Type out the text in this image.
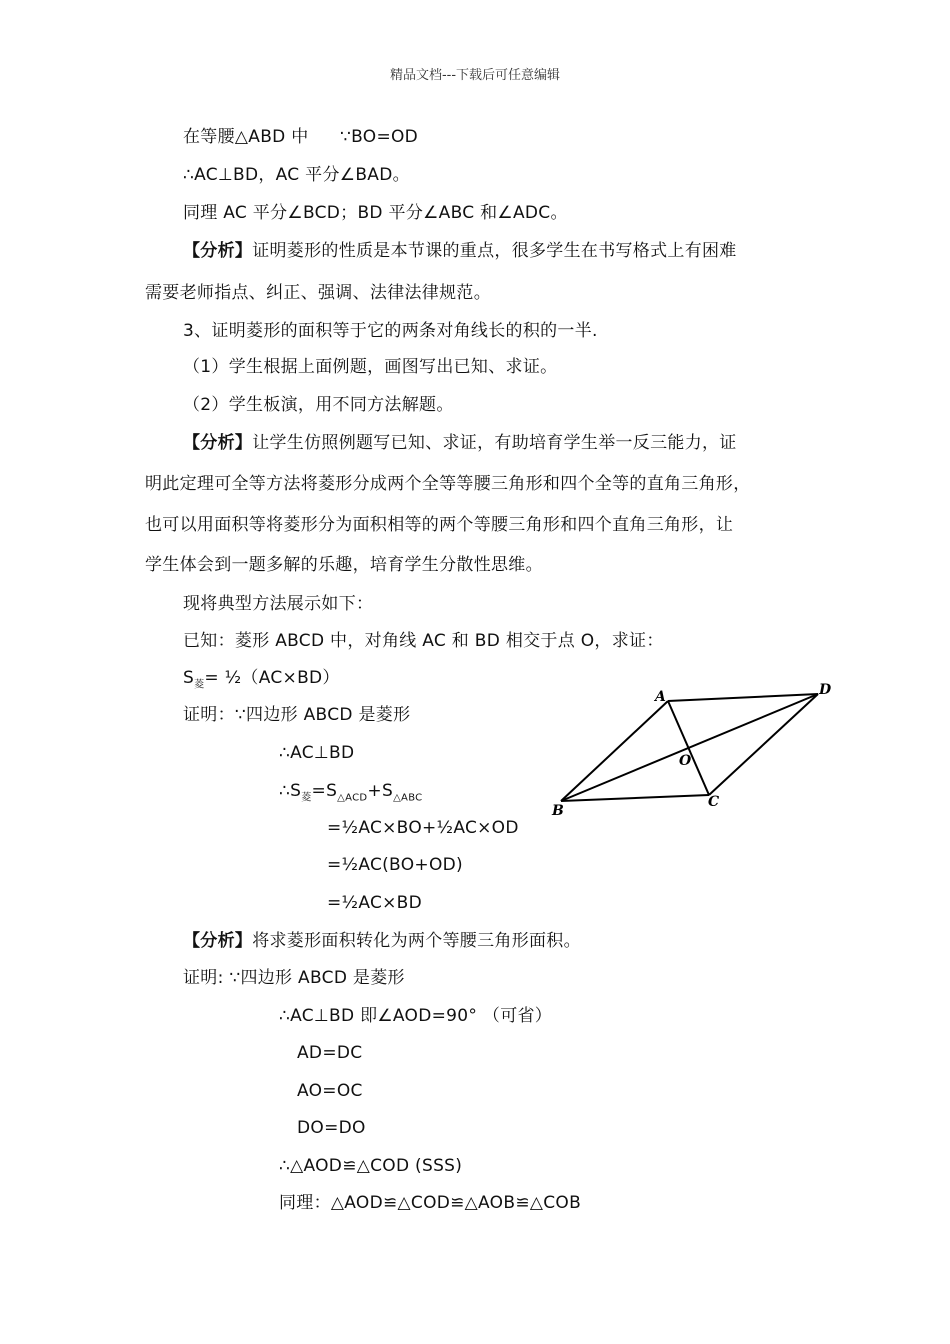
精品文档---下载后可任意编辑
在等腰△ABD 中 ∵BO=OD
∴AC⊥BD，AC 平分∠BAD。
同理 AC 平分∠BCD；BD 平分∠ABC 和∠ADC。
【分析】证明菱形的性质是本节课的重点，很多学生在书写格式上有困难
需要老师指点、纠正、强调、法律法律规范。
3、证明菱形的面积等于它的两条对角线长的积的一半.
（1）学生根据上面例题，画图写出已知、求证。
（2）学生板演，用不同方法解题。
【分析】让学生仿照例题写已知、求证，有助培育学生举一反三能力，证
明此定理可全等方法将菱形分成两个全等等腰三角形和四个全等的直角三角形，
也可以用面积等将菱形分为面积相等的两个等腰三角形和四个直角三角形，让
学生体会到一题多解的乐趣，培育学生分散性思维。
现将典型方法展示如下：
已知：菱形 ABCD 中，对角线 AC 和 BD 相交于点 O，求证：
$S_菱=$ ½（AC×BD）
证明：∵四边形 ABCD 是菱形
∴AC⊥BD
$\therefore S_菱=S_{\triangle ACD}+S_{\triangle ABC}$
=½AC×BO+½AC×OD
=½AC(BO+OD)
=½AC×BD
A	D
O
B
C
【分析】将求菱形面积转化为两个等腰三角形面积。
证明: ∵四边形 ABCD 是菱形
∴AC⊥BD 即∠AOD=90° （可省）
AD=DC
AO=OC
DO=DO
∴△AOD≌△COD (SSS)
同理：△AOD≌△COD≌△AOB≌△COB
